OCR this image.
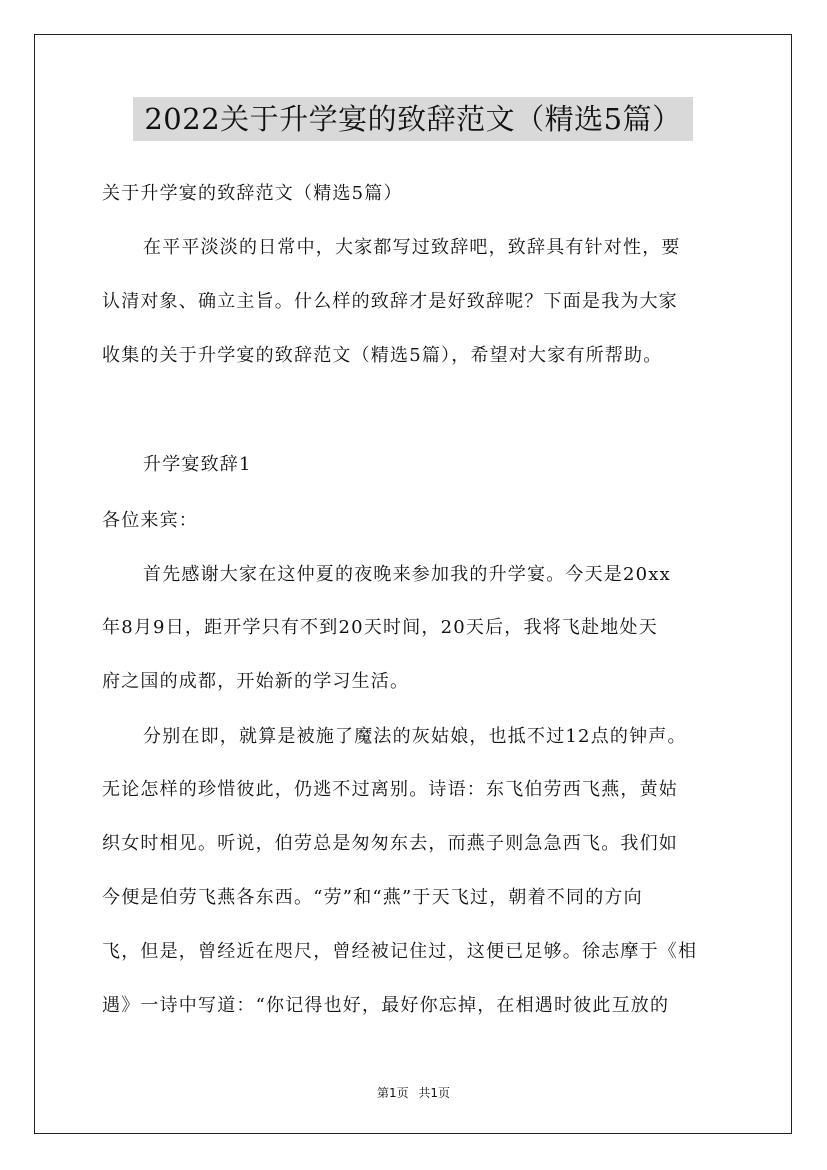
2022关于升学宴的致辞范文（精选5篇）
关于升学宴的致辞范文（精选5篇）
在平平淡淡的日常中，大家都写过致辞吧，致辞具有针对性，要
认清对象、确立主旨。什么样的致辞才是好致辞呢？下面是我为大家
收集的关于升学宴的致辞范文（精选5篇），希望对大家有所帮助。
升学宴致辞1
各位来宾：
首先感谢大家在这仲夏的夜晚来参加我的升学宴。今天是20xx
年8月9日，距开学只有不到20天时间，20天后，我将飞赴地处天
府之国的成都，开始新的学习生活。
分别在即，就算是被施了魔法的灰姑娘，也抵不过12点的钟声。
无论怎样的珍惜彼此，仍逃不过离别。诗语：东飞伯劳西飞燕，黄姑
织女时相见。听说，伯劳总是匆匆东去，而燕子则急急西飞。我们如
今便是伯劳飞燕各东西。“劳”和“燕”于天飞过，朝着不同的方向
飞，但是，曾经近在咫尺，曾经被记住过，这便已足够。徐志摩于《相
遇》一诗中写道：“你记得也好，最好你忘掉，在相遇时彼此互放的
第1页 共1页
